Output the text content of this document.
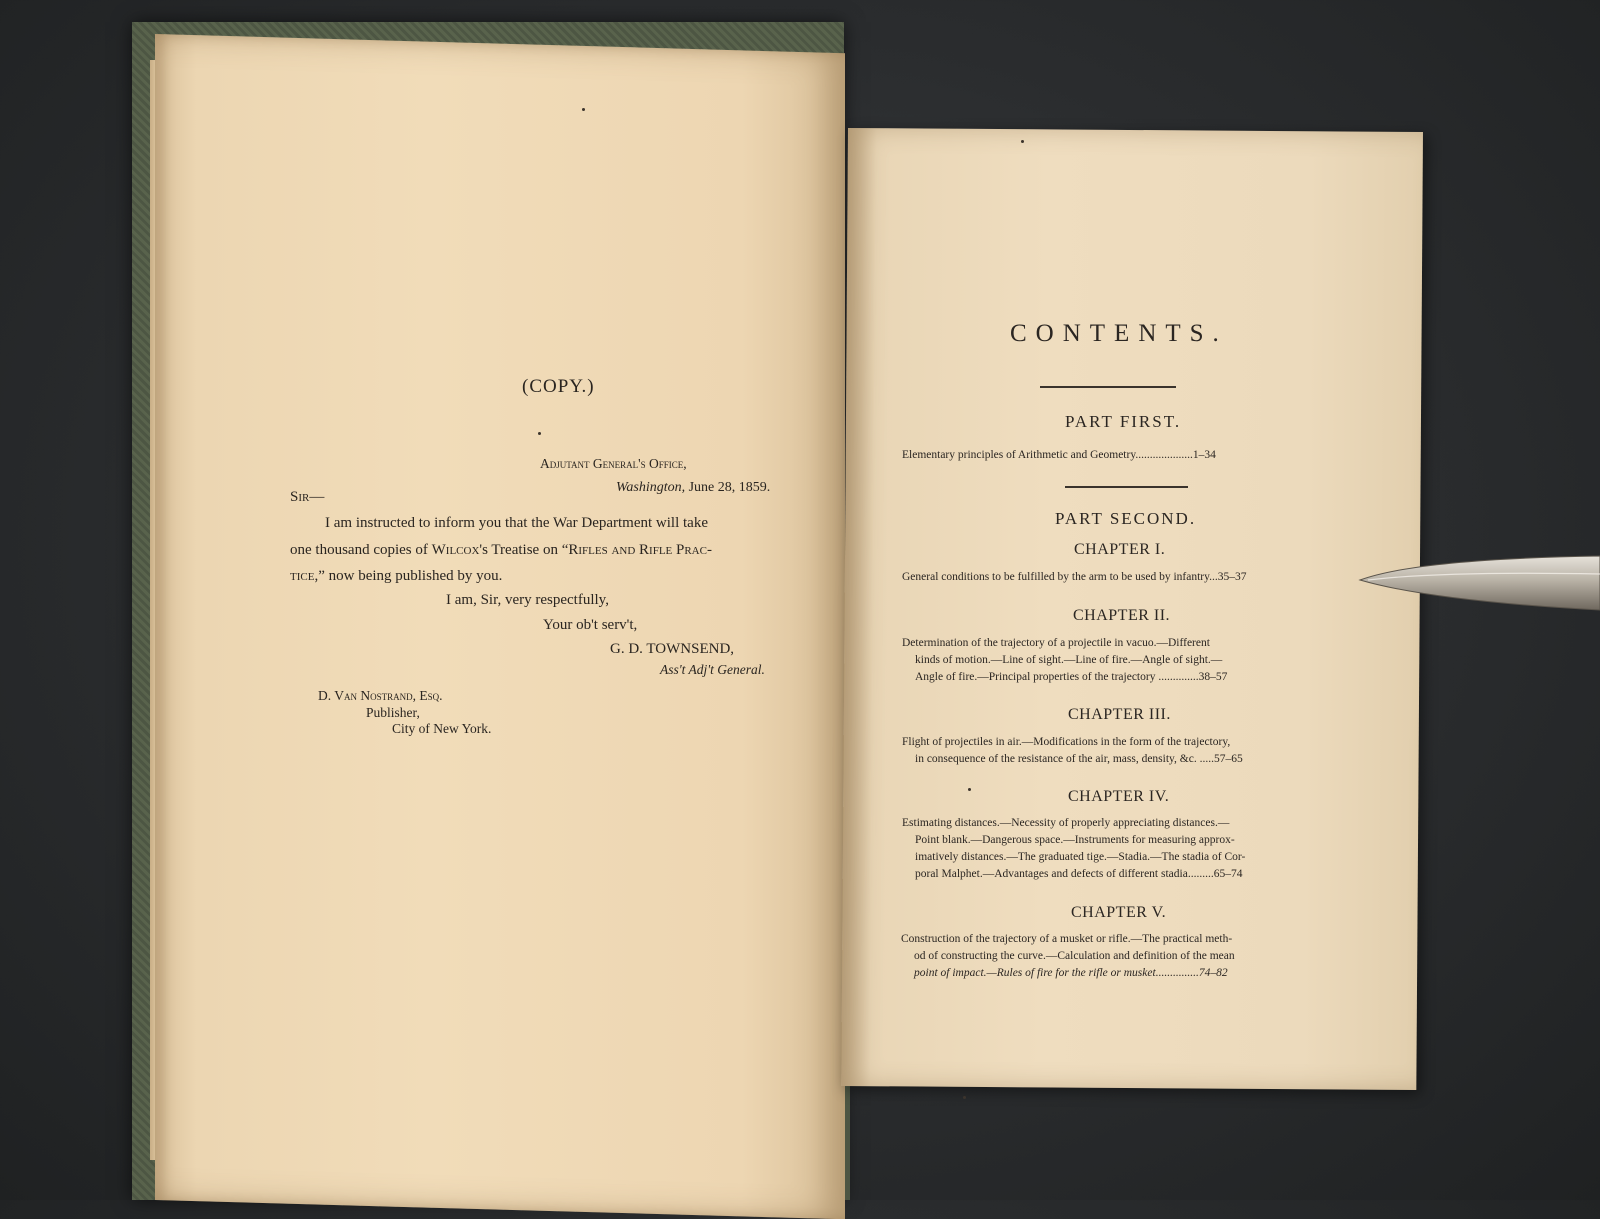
(COPY.)
Adjutant General's Office,
Washington, June 28, 1859.
Sir—
I am instructed to inform you that the War Department will take
one thousand copies of Wilcox's Treatise on “Rifles and Rifle Prac-
tice,” now being published by you.
I am, Sir, very respectfully,
Your ob't serv't,
G. D. TOWNSEND,
Ass't Adj't General.
D. Van Nostrand, Esq.
Publisher,
City of New York.
CONTENTS.
PART FIRST.
Elementary principles of Arithmetic and Geometry....................1–34
PART SECOND.
CHAPTER I.
General conditions to be fulfilled by the arm to be used by infantry...35–37
CHAPTER II.
Determination of the trajectory of a projectile in vacuo.—Different
kinds of motion.—Line of sight.—Line of fire.—Angle of sight.—
Angle of fire.—Principal properties of the trajectory ..............38–57
CHAPTER III.
Flight of projectiles in air.—Modifications in the form of the trajectory,
in consequence of the resistance of the air, mass, density, &c. .....57–65
CHAPTER IV.
Estimating distances.—Necessity of properly appreciating distances.—
Point blank.—Dangerous space.—Instruments for measuring approx-
imatively distances.—The graduated tige.—Stadia.—The stadia of Cor-
poral Malphet.—Advantages and defects of different stadia.........65–74
CHAPTER V.
Construction of the trajectory of a musket or rifle.—The practical meth-
od of constructing the curve.—Calculation and definition of the mean
point of impact.—Rules of fire for the rifle or musket...............74–82
